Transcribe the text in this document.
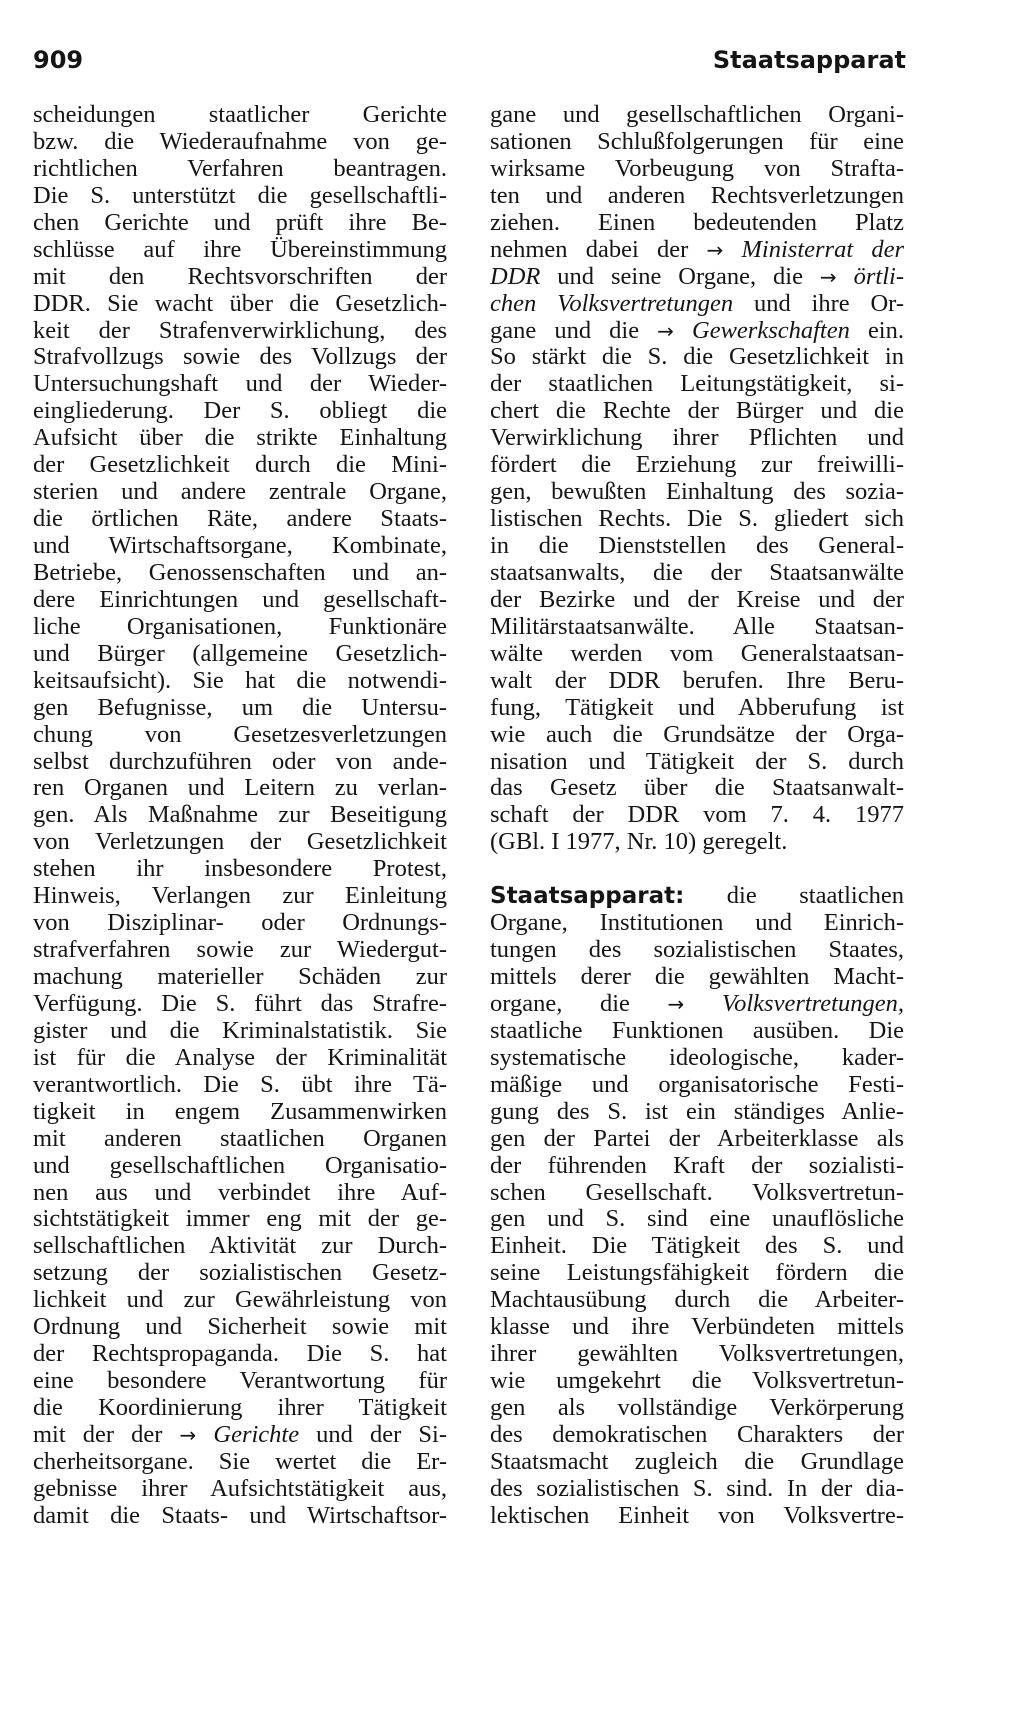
909	Staatsapparat
scheidungen staatlicher Gerichte
bzw. die Wiederaufnahme von ge-
richtlichen Verfahren beantragen.
Die S. unterstützt die gesellschaftli-
chen Gerichte und prüft ihre Be-
schlüsse auf ihre Übereinstimmung
mit den Rechtsvorschriften der
DDR. Sie wacht über die Gesetzlich-
keit der Strafenverwirklichung, des
Strafvollzugs sowie des Vollzugs der
Untersuchungshaft und der Wieder-
eingliederung. Der S. obliegt die
Aufsicht über die strikte Einhaltung
der Gesetzlichkeit durch die Mini-
sterien und andere zentrale Organe,
die örtlichen Räte, andere Staats-
und Wirtschaftsorgane, Kombinate,
Betriebe, Genossenschaften und an-
dere Einrichtungen und gesellschaft-
liche Organisationen, Funktionäre
und Bürger (allgemeine Gesetzlich-
keitsaufsicht). Sie hat die notwendi-
gen Befugnisse, um die Untersu-
chung von Gesetzesverletzungen
selbst durchzuführen oder von ande-
ren Organen und Leitern zu verlan-
gen. Als Maßnahme zur Beseitigung
von Verletzungen der Gesetzlichkeit
stehen ihr insbesondere Protest,
Hinweis, Verlangen zur Einleitung
von Disziplinar- oder Ordnungs-
strafverfahren sowie zur Wiedergut-
machung materieller Schäden zur
Verfügung. Die S. führt das Strafre-
gister und die Kriminalstatistik. Sie
ist für die Analyse der Kriminalität
verantwortlich. Die S. übt ihre Tä-
tigkeit in engem Zusammenwirken
mit anderen staatlichen Organen
und gesellschaftlichen Organisatio-
nen aus und verbindet ihre Auf-
sichtstätigkeit immer eng mit der ge-
sellschaftlichen Aktivität zur Durch-
setzung der sozialistischen Gesetz-
lichkeit und zur Gewährleistung von
Ordnung und Sicherheit sowie mit
der Rechtspropaganda. Die S. hat
eine besondere Verantwortung für
die Koordinierung ihrer Tätigkeit
mit der der → Gerichte und der Si-
cherheitsorgane. Sie wertet die Er-
gebnisse ihrer Aufsichtstätigkeit aus,
damit die Staats- und Wirtschaftsor-
gane und gesellschaftlichen Organi-
sationen Schlußfolgerungen für eine
wirksame Vorbeugung von Strafta-
ten und anderen Rechtsverletzungen
ziehen. Einen bedeutenden Platz
nehmen dabei der → Ministerrat der
DDR und seine Organe, die → örtli-
chen Volksvertretungen und ihre Or-
gane und die → Gewerkschaften ein.
So stärkt die S. die Gesetzlichkeit in
der staatlichen Leitungstätigkeit, si-
chert die Rechte der Bürger und die
Verwirklichung ihrer Pflichten und
fördert die Erziehung zur freiwilli-
gen, bewußten Einhaltung des sozia-
listischen Rechts. Die S. gliedert sich
in die Dienststellen des General-
staatsanwalts, die der Staatsanwälte
der Bezirke und der Kreise und der
Militärstaatsanwälte. Alle Staatsan-
wälte werden vom Generalstaatsan-
walt der DDR berufen. Ihre Beru-
fung, Tätigkeit und Abberufung ist
wie auch die Grundsätze der Orga-
nisation und Tätigkeit der S. durch
das Gesetz über die Staatsanwalt-
schaft der DDR vom 7. 4. 1977
(GBl. I 1977, Nr. 10) geregelt.
Staatsapparat: die staatlichen
Organe, Institutionen und Einrich-
tungen des sozialistischen Staates,
mittels derer die gewählten Macht-
organe, die → Volksvertretungen,
staatliche Funktionen ausüben. Die
systematische ideologische, kader-
mäßige und organisatorische Festi-
gung des S. ist ein ständiges Anlie-
gen der Partei der Arbeiterklasse als
der führenden Kraft der sozialisti-
schen Gesellschaft. Volksvertretun-
gen und S. sind eine unauflösliche
Einheit. Die Tätigkeit des S. und
seine Leistungsfähigkeit fördern die
Machtausübung durch die Arbeiter-
klasse und ihre Verbündeten mittels
ihrer gewählten Volksvertretungen,
wie umgekehrt die Volksvertretun-
gen als vollständige Verkörperung
des demokratischen Charakters der
Staatsmacht zugleich die Grundlage
des sozialistischen S. sind. In der dia-
lektischen Einheit von Volksvertre-
